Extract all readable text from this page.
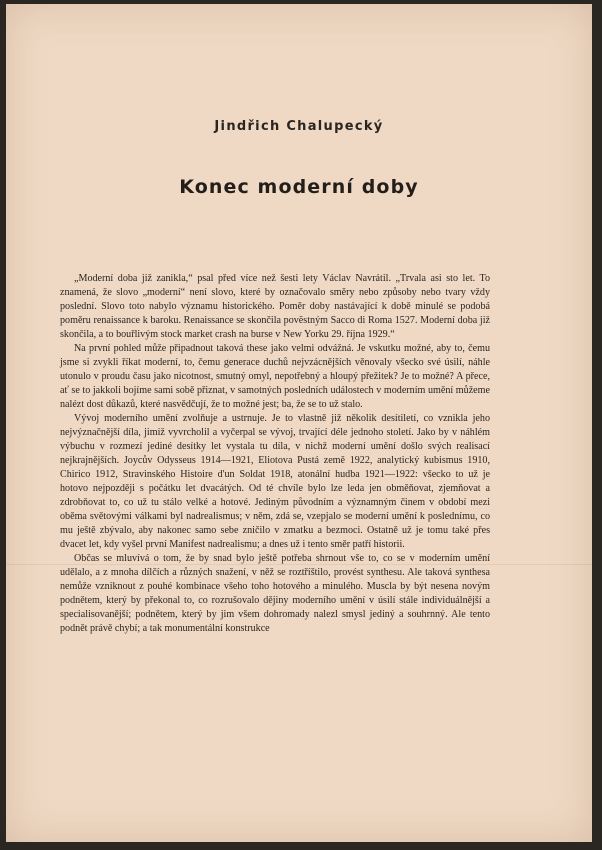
Jindřich Chalupecký
Konec moderní doby

„Moderní doba již zanikla,“ psal před více než šesti lety Václav Navrátil. „Trvala asi sto let. To znamená, že slovo „moderní“ není slovo, které by označovalo směry nebo způsoby nebo tvary vždy poslední. Slovo toto nabylo významu historického. Poměr doby nastávající k době minulé se podobá poměru renaissance k baroku. Renaissance se skončila povĕstným Sacco di Roma 1527. Moderní doba již skončila, a to bouřlivým stock market crash na burse v New Yorku 29. října 1929.“

Na první pohled může připadnout taková these jako velmi odvážná. Je vskutku možné, aby to, čemu jsme si zvykli říkat moderní, to, čemu generace duchů nejvzácnějších věnovaly všecko své úsilí, náhle utonulo v proudu času jako nicotnost, smutný omyl, nepotřebný a hloupý přežitek? Je to možné? A přece, ať se to jakkoli bojíme sami sobě přiznat, v samotných posledních událostech v moderním umění můžeme nalézt dost důkazů, které nasvědčují, že to možné jest; ba, že se to už stalo.

Vývoj moderního umění zvolňuje a ustrnuje. Je to vlastně již několik desítiletí, co vznikla jeho nejvýznačnější díla, jimiž vyvrcholil a vyčerpal se vývoj, trvající déle jednoho století. Jako by v náhlém výbuchu v rozmezí jediné desítky let vystala tu díla, v nichž moderní umění došlo svých realisací nejkrajnějších. Joycův Odysseus 1914—1921, Eliotova Pustá země 1922, analytický kubismus 1910, Chirico 1912, Stravinského Histoire d'un Soldat 1918, atonální hudba 1921—1922: všecko to už je hotovo nejpozději s počátku let dvacátých. Od té chvíle bylo lze leda jen obměňovat, zjemňovat a zdrobňovat to, co už tu stálo velké a hotové. Jediným původním a významným činem v období mezi oběma světovými válkami byl nadrealismus; v něm, zdá se, vzepjalo se moderní umění k poslednímu, co mu ještě zbývalo, aby nakonec samo sebe zničilo v zmatku a bezmoci. Ostatně už je tomu také přes dvacet let, kdy vyšel první Manifest nadrealismu; a dnes už i tento směr patří historii.

Občas se mluvívá o tom, že by snad bylo ještě potřeba shrnout vše to, co se v moderním umění udělalo, a z mnoha dílčích a různých snažení, v něž se roztříštilo, provést synthesu. Ale taková synthesa nemůže vzniknout z pouhé kombinace všeho toho hotového a minulého. Muscla by být nesena novým podnětem, který by překonal to, co rozrušovalo dějiny moderního umění v úsilí stále individuálnější a specialisovanější; podnětem, který by jim všem dohromady nalezl smysl jediný a souhrnný. Ale tento podnět právě chybí; a tak monumentální konstrukce
